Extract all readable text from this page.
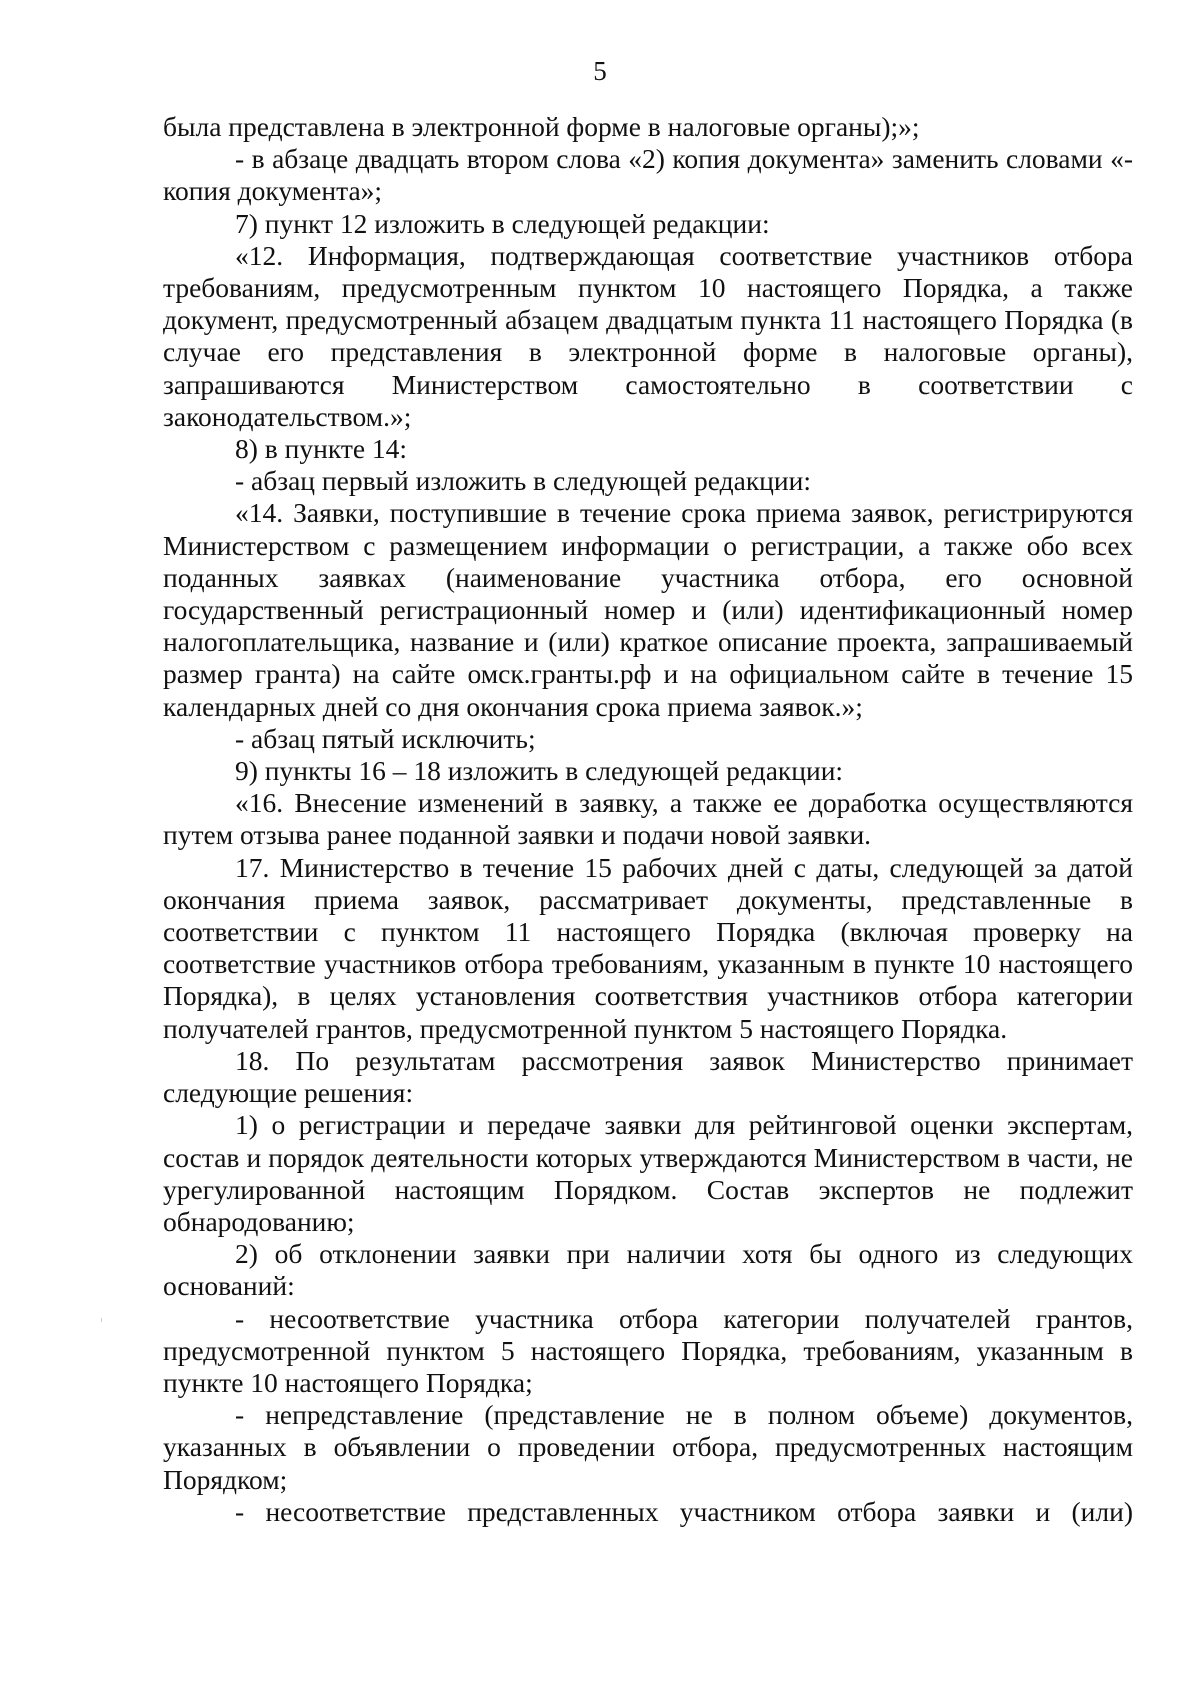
5

была представлена в электронной форме в налоговые органы);»;

- в абзаце двадцать втором слова «2) копия документа» заменить словами «- копия документа»;

7) пункт 12 изложить в следующей редакции:

«12. Информация, подтверждающая соответствие участников отбора требованиям, предусмотренным пунктом 10 настоящего Порядка, а также документ, предусмотренный абзацем двадцатым пункта 11 настоящего Порядка (в случае его представления в электронной форме в налоговые органы), запрашиваются Министерством самостоятельно в соответствии с законодательством.»;

8) в пункте 14:

- абзац первый изложить в следующей редакции:

«14. Заявки, поступившие в течение срока приема заявок, регистрируются Министерством с размещением информации о регистрации, а также обо всех поданных заявках (наименование участника отбора, его основной государственный регистрационный номер и (или) идентификационный номер налогоплательщика, название и (или) краткое описание проекта, запрашиваемый размер гранта) на сайте омск.гранты.рф и на официальном сайте в течение 15 календарных дней со дня окончания срока приема заявок.»;

- абзац пятый исключить;

9) пункты 16 – 18 изложить в следующей редакции:

«16. Внесение изменений в заявку, а также ее доработка осуществляются путем отзыва ранее поданной заявки и подачи новой заявки.

17. Министерство в течение 15 рабочих дней с даты, следующей за датой окончания приема заявок, рассматривает документы, представленные в соответствии с пунктом 11 настоящего Порядка (включая проверку на соответствие участников отбора требованиям, указанным в пункте 10 настоящего Порядка), в целях установления соответствия участников отбора категории получателей грантов, предусмотренной пунктом 5 настоящего Порядка.

18. По результатам рассмотрения заявок Министерство принимает следующие решения:

1) о регистрации и передаче заявки для рейтинговой оценки экспертам, состав и порядок деятельности которых утверждаются Министерством в части, не урегулированной настоящим Порядком. Состав экспертов не подлежит обнародованию;

2) об отклонении заявки при наличии хотя бы одного из следующих оснований:

- несоответствие участника отбора категории получателей грантов, предусмотренной пунктом 5 настоящего Порядка, требованиям, указанным в пункте 10 настоящего Порядка;

- непредставление (представление не в полном объеме) документов, указанных в объявлении о проведении отбора, предусмотренных настоящим Порядком;

- несоответствие представленных участником отбора заявки и (или)
